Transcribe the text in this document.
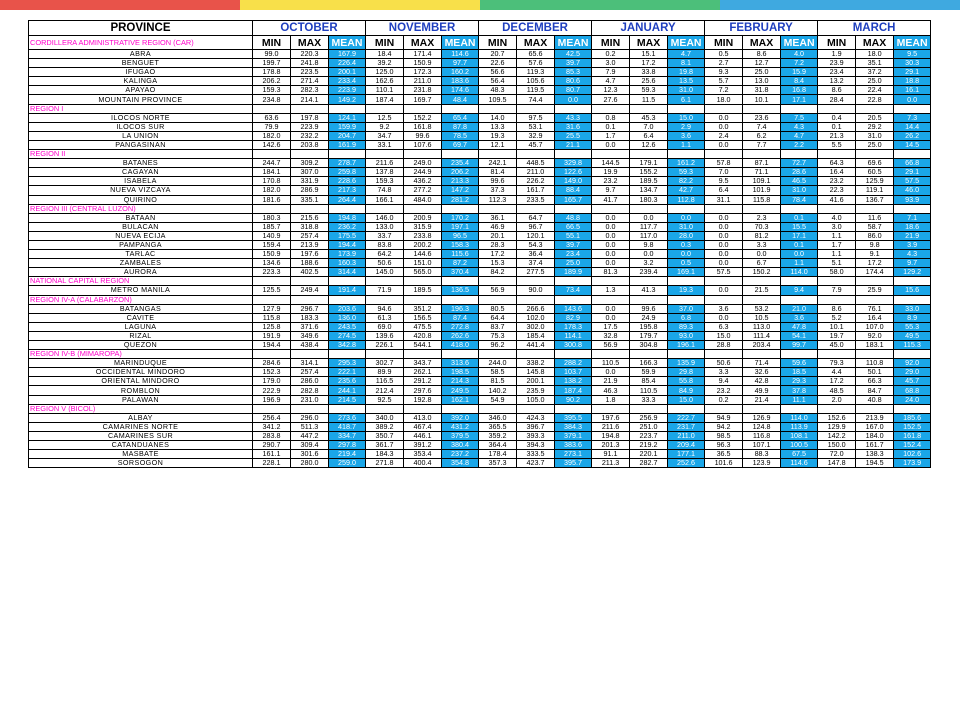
PROVINCE	OCTOBER			NOVEMBER			DECEMBER			JANUARY			FEBRUARY			MARCH		
CORDILLERA ADMINISTRATIVE REGION (CAR)	MIN	MAX	MEAN	MIN	MAX	MEAN	MIN	MAX	MEAN	MIN	MAX	MEAN	MIN	MAX	MEAN	MIN	MAX	MEAN
ABRA	99.0	220.3	167.9	18.4	171.4	114.6	20.7	65.6	42.5	0.2	15.1	4.7	0.5	8.6	4.0	1.9	18.0	9.5
BENGUET	199.7	241.8	226.4	39.2	150.9	97.7	22.6	57.6	39.7	3.0	17.2	8.1	2.7	12.7	7.2	23.9	35.1	30.3
IFUGAO	178.8	223.5	200.1	125.0	172.3	160.2	56.6	119.3	85.3	7.9	33.8	19.8	9.3	25.0	15.9	23.4	37.2	29.1
KALINGA	206.2	271.4	233.4	162.6	211.0	183.6	56.4	105.6	80.6	4.7	25.6	13.5	5.7	13.0	8.4	13.2	25.0	18.8
APAYAO	159.3	282.3	223.9	110.1	231.8	174.6	48.3	119.5	80.7	12.3	59.3	31.0	7.2	31.8	16.8	8.6	22.4	16.1
MOUNTAIN PROVINCE	234.8	214.1	149.2	187.4	169.7	48.4	109.5	74.4	0.0	27.6	11.5	6.1	18.0	10.1	17.1	28.4	22.8	0.0
REGION I																		
ILOCOS NORTE	63.6	197.8	124.1	12.5	152.2	65.4	14.0	97.5	43.3	0.8	45.3	15.0	0.0	23.6	7.5	0.4	20.5	7.3
ILOCOS SUR	79.9	223.9	159.9	9.2	161.8	87.8	13.3	53.1	31.6	0.1	7.0	2.9	0.0	7.4	4.3	0.1	29.2	14.4
LA UNION	182.0	232.2	204.7	34.7	99.6	78.5	19.3	32.9	25.5	1.7	6.4	3.6	2.4	6.2	4.7	21.3	31.0	26.2
PANGASINAN	142.6	203.8	161.9	33.1	107.6	69.7	12.1	45.7	21.1	0.0	12.6	1.1	0.0	7.7	2.2	5.5	25.0	14.5
REGION II																		
BATANES	244.7	309.2	278.7	211.6	249.0	235.4	242.1	448.5	329.8	144.5	179.1	161.2	57.8	87.1	72.7	64.3	69.6	66.8
CAGAYAN	184.1	307.0	259.8	137.8	244.9	206.2	81.4	211.0	122.6	19.9	155.2	59.3	7.0	71.1	28.6	16.4	60.5	29.1
ISABELA	170.8	331.9	228.6	159.3	436.2	213.3	99.6	226.2	149.0	23.2	189.5	82.2	9.5	109.1	46.5	23.2	125.9	57.5
NUEVA VIZCAYA	182.0	286.9	217.3	74.8	277.2	147.2	37.3	161.7	88.4	9.7	134.7	42.7	6.4	101.9	31.0	22.3	119.1	46.0
QUIRINO	181.6	335.1	264.4	166.1	484.0	281.2	112.3	233.5	165.7	41.7	180.3	112.8	31.1	115.8	78.4	41.6	136.7	93.9
REGION III (CENTRAL LUZON)																		
BATAAN	180.3	215.6	194.8	146.0	200.9	170.2	36.1	64.7	48.8	0.0	0.0	0.0	0.0	2.3	0.1	4.0	11.6	7.1
BULACAN	185.7	318.8	236.2	133.0	315.9	197.1	46.9	96.7	66.5	0.0	117.7	31.0	0.0	70.3	15.5	3.0	58.7	18.6
NUEVA ECIJA	140.9	257.4	175.5	33.7	233.8	96.5	20.1	120.1	55.1	0.0	117.0	28.0	0.0	81.2	17.1	1.1	86.0	21.9
PAMPANGA	159.4	213.9	194.4	83.8	200.2	158.3	28.3	54.3	39.7	0.0	9.8	0.3	0.0	3.3	0.1	1.7	9.8	3.9
TARLAC	150.9	197.6	173.9	64.2	144.6	115.6	17.2	36.4	23.4	0.0	0.0	0.0	0.0	0.0	0.0	1.1	9.1	4.3
ZAMBALES	134.6	188.6	160.3	50.6	151.0	87.2	15.3	37.4	25.0	0.0	3.2	0.5	0.0	6.7	1.1	5.1	17.2	9.7
AURORA	223.3	402.5	314.4	145.0	565.0	370.4	84.2	277.5	189.9	81.3	239.4	169.1	57.5	150.2	114.0	58.0	174.4	129.2
NATIONAL CAPITAL REGION																		
METRO MANILA	125.5	249.4	191.4	71.9	189.5	136.5	56.9	90.0	73.4	1.3	41.3	19.3	0.0	21.5	9.4	7.9	25.9	15.6
REGION IV-A (CALABARZON)																		
BATANGAS	127.9	296.7	203.6	94.6	351.2	196.3	80.5	266.6	143.6	0.0	99.6	37.0	3.6	53.2	21.0	8.6	76.1	33.0
CAVITE	115.8	183.3	136.0	61.3	156.5	87.4	64.4	102.0	82.9	0.0	24.9	6.8	0.0	10.5	3.6	5.2	16.4	8.9
LAGUNA	125.8	371.6	243.5	69.0	475.5	272.8	83.7	302.0	178.3	17.5	195.8	89.3	6.3	113.0	47.8	10.1	107.0	55.3
RIZAL	191.9	349.6	274.5	139.6	420.8	262.6	75.3	185.4	114.1	32.8	179.7	93.0	15.0	111.4	54.1	19.7	92.0	49.5
QUEZON	194.4	438.4	342.8	226.1	544.1	418.0	96.2	441.4	300.8	56.9	304.8	196.1	28.8	203.4	99.7	45.0	183.1	115.3
REGION IV-B (MIMAROPA)																		
MARINDUQUE	284.6	314.1	295.3	302.7	343.7	313.6	244.0	338.2	288.2	110.5	166.3	135.9	50.6	71.4	59.6	79.3	110.8	92.0
OCCIDENTAL MINDORO	152.3	257.4	222.1	89.9	262.1	198.5	58.5	145.8	103.7	0.0	59.9	29.8	3.3	32.6	18.5	4.4	50.1	29.0
ORIENTAL MINDORO	179.0	286.0	235.6	116.5	291.2	214.3	81.5	200.1	138.2	21.9	85.4	55.8	9.4	42.8	29.3	17.2	66.3	45.7
ROMBLON	222.9	282.8	244.1	212.4	297.6	249.5	140.2	235.9	187.4	46.3	110.5	84.9	23.2	49.9	37.8	48.5	84.7	68.8
PALAWAN	196.9	231.0	214.5	92.5	192.8	162.1	54.9	105.0	90.2	1.8	33.3	15.0	0.2	21.4	11.1	2.0	40.8	24.0
REGION V (BICOL)																		
ALBAY	256.4	296.0	273.6	340.0	413.0	392.0	346.0	424.3	395.5	197.6	256.9	222.7	94.9	126.9	114.0	152.6	213.9	185.6
CAMARINES NORTE	341.2	511.3	418.7	389.2	467.4	431.2	365.5	396.7	384.3	211.6	251.0	231.7	94.2	124.8	113.9	129.9	167.0	152.5
CAMARINES SUR	283.8	447.2	334.7	350.7	446.1	379.5	359.2	393.3	379.1	194.8	223.7	211.0	98.5	116.8	108.1	142.2	184.0	161.8
CATANDUANES	290.7	309.4	297.8	361.7	391.2	380.4	364.4	394.3	383.6	201.3	219.2	209.4	96.3	107.1	100.5	150.0	161.7	152.4
MASBATE	161.1	301.6	219.4	184.3	353.4	237.2	178.4	333.5	273.1	91.1	220.1	177.1	36.5	88.3	67.5	72.0	138.3	102.6
SORSOGON	228.1	280.0	259.0	271.8	400.4	354.8	357.3	423.7	395.7	211.3	282.7	252.6	101.6	123.9	114.6	147.8	194.5	173.9
